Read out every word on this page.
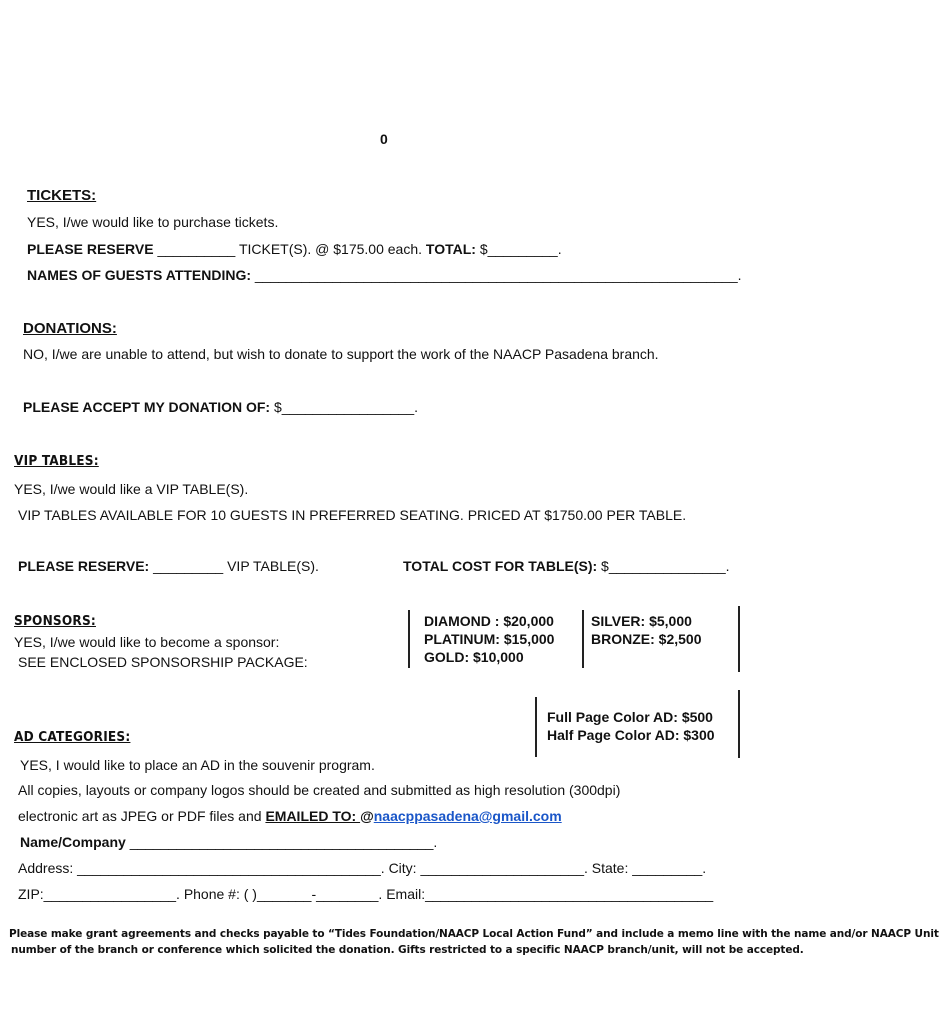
0
TICKETS:
YES, I/we would like to purchase tickets.
PLEASE RESERVE __________ TICKET(S). @ $175.00 each. TOTAL: $_________.
NAMES OF GUESTS ATTENDING: ______________________________________________________________.
DONATIONS:
NO, I/we are unable to attend, but wish to donate to support the work of the NAACP Pasadena branch.
PLEASE ACCEPT MY DONATION OF: $_________________.
VIP TABLES:
YES, I/we would like a VIP TABLE(S).
VIP TABLES AVAILABLE FOR 10 GUESTS IN PREFERRED SEATING. PRICED AT $1750.00 PER TABLE.
PLEASE RESERVE: _________ VIP TABLE(S).	TOTAL COST FOR TABLE(S): $_______________.
SPONSORS:
YES, I/we would like to become a sponsor:
SEE ENCLOSED SPONSORSHIP PACKAGE:
DIAMOND : $20,000
PLATINUM: $15,000
GOLD: $10,000
SILVER: $5,000
BRONZE: $2,500
Full Page Color AD: $500
Half Page Color AD: $300
AD CATEGORIES:
YES, I would like to place an AD in the souvenir program.
All copies, layouts or company logos should be created and submitted as high resolution (300dpi)
electronic art as JPEG or PDF files and EMAILED TO: @naacppasadena@gmail.com
Name/Company _______________________________________.
Address: _______________________________________. City: _____________________. State: _________.
ZIP:_________________. Phone #: ( )_______-________. Email:_____________________________________
Please make grant agreements and checks payable to “Tides Foundation/NAACP Local Action Fund” and include a memo line with the name and/or NAACP Unit
number of the branch or conference which solicited the donation. Gifts restricted to a specific NAACP branch/unit, will not be accepted.
